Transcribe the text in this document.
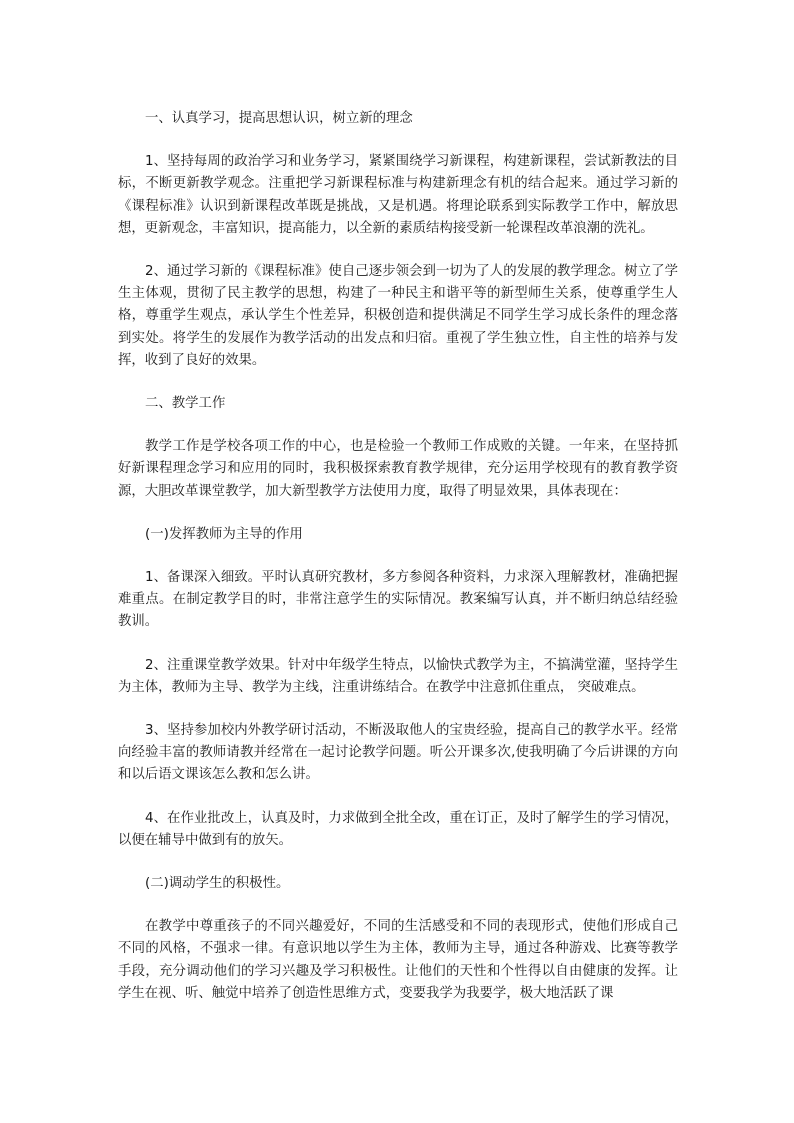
一、认真学习，提高思想认识，树立新的理念

1、坚持每周的政治学习和业务学习，紧紧围绕学习新课程，构建新课程，尝试新教法的目标，不断更新教学观念。注重把学习新课程标准与构建新理念有机的结合起来。通过学习新的《课程标准》认识到新课程改革既是挑战，又是机遇。将理论联系到实际教学工作中，解放思想，更新观念，丰富知识，提高能力，以全新的素质结构接受新一轮课程改革浪潮的洗礼。

2、通过学习新的《课程标准》使自己逐步领会到一切为了人的发展的教学理念。树立了学生主体观，贯彻了民主教学的思想，构建了一种民主和谐平等的新型师生关系，使尊重学生人格，尊重学生观点，承认学生个性差异，积极创造和提供满足不同学生学习成长条件的理念落到实处。将学生的发展作为教学活动的出发点和归宿。重视了学生独立性，自主性的培养与发挥，收到了良好的效果。

二、教学工作

教学工作是学校各项工作的中心，也是检验一个教师工作成败的关键。一年来，在坚持抓好新课程理念学习和应用的同时，我积极探索教育教学规律，充分运用学校现有的教育教学资源，大胆改革课堂教学，加大新型教学方法使用力度，取得了明显效果，具体表现在：

(一)发挥教师为主导的作用

1、备课深入细致。平时认真研究教材，多方参阅各种资料，力求深入理解教材，准确把握难重点。在制定教学目的时，非常注意学生的实际情况。教案编写认真，并不断归纳总结经验教训。

2、注重课堂教学效果。针对中年级学生特点，以愉快式教学为主，不搞满堂灌，坚持学生为主体，教师为主导、教学为主线，注重讲练结合。在教学中注意抓住重点， 突破难点。

3、坚持参加校内外教学研讨活动，不断汲取他人的宝贵经验，提高自己的教学水平。经常向经验丰富的教师请教并经常在一起讨论教学问题。听公开课多次,使我明确了今后讲课的方向和以后语文课该怎么教和怎么讲。

4、在作业批改上，认真及时，力求做到全批全改，重在订正，及时了解学生的学习情况，以便在辅导中做到有的放矢。

(二)调动学生的积极性。

在教学中尊重孩子的不同兴趣爱好，不同的生活感受和不同的表现形式，使他们形成自己不同的风格，不强求一律。有意识地以学生为主体，教师为主导，通过各种游戏、比赛等教学手段，充分调动他们的学习兴趣及学习积极性。让他们的天性和个性得以自由健康的发挥。让学生在视、听、触觉中培养了创造性思维方式，变要我学为我要学，极大地活跃了课
